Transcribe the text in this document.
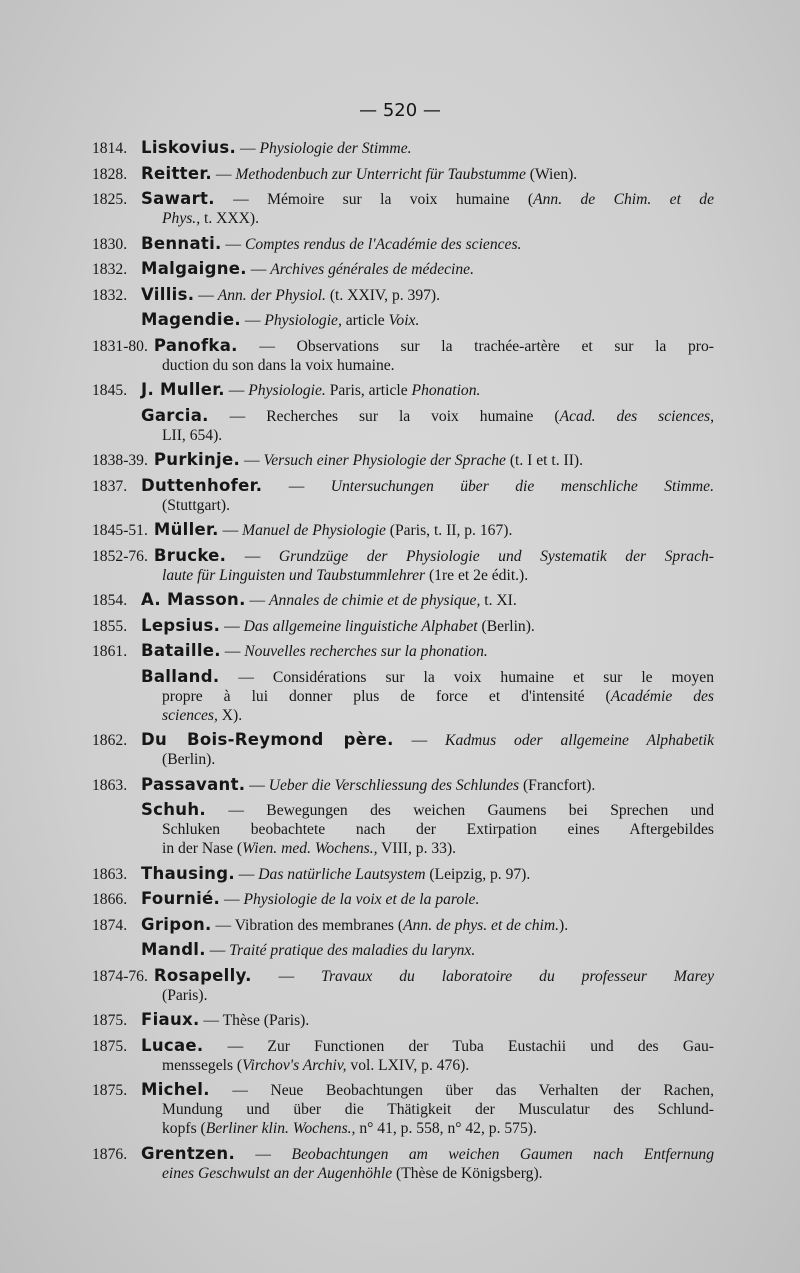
— 520 —
1814. Liskovius. — Physiologie der Stimme.
1828. Reitter. — Methodenbuch zur Unterricht für Taubstumme (Wien).
1825. Sawart. — Mémoire sur la voix humaine (Ann. de Chim. et de
Phys., t. XXX).
1830. Bennati. — Comptes rendus de l'Académie des sciences.
1832. Malgaigne. — Archives générales de médecine.
1832. Villis. — Ann. der Physiol. (t. XXIV, p. 397).
Magendie. — Physiologie, article Voix.
1831-80. Panofka. — Observations sur la trachée-artère et sur la pro-
duction du son dans la voix humaine.
1845. J. Muller. — Physiologie. Paris, article Phonation.
Garcia. — Recherches sur la voix humaine (Acad. des sciences,
LII, 654).
1838-39. Purkinje. — Versuch einer Physiologie der Sprache (t. I et t. II).
1837. Duttenhofer. — Untersuchungen über die menschliche Stimme.
(Stuttgart).
1845-51. Müller. — Manuel de Physiologie (Paris, t. II, p. 167).
1852-76. Brucke. — Grundzüge der Physiologie und Systematik der Sprach-
laute für Linguisten und Taubstummlehrer (1re et 2e édit.).
1854. A. Masson. — Annales de chimie et de physique, t. XI.
1855. Lepsius. — Das allgemeine linguistiche Alphabet (Berlin).
1861. Bataille. — Nouvelles recherches sur la phonation.
Balland. — Considérations sur la voix humaine et sur le moyen
propre à lui donner plus de force et d'intensité (Académie des
sciences, X).
1862. Du Bois-Reymond père. — Kadmus oder allgemeine Alphabetik
(Berlin).
1863. Passavant. — Ueber die Verschliessung des Schlundes (Francfort).
Schuh. — Bewegungen des weichen Gaumens bei Sprechen und
Schluken beobachtete nach der Extirpation eines Aftergebildes
in der Nase (Wien. med. Wochens., VIII, p. 33).
1863. Thausing. — Das natürliche Lautsystem (Leipzig, p. 97).
1866. Fournié. — Physiologie de la voix et de la parole.
1874. Gripon. — Vibration des membranes (Ann. de phys. et de chim.).
Mandl. — Traité pratique des maladies du larynx.
1874-76. Rosapelly. — Travaux du laboratoire du professeur Marey
(Paris).
1875. Fiaux. — Thèse (Paris).
1875. Lucae. — Zur Functionen der Tuba Eustachii und des Gau-
menssegels (Virchov's Archiv, vol. LXIV, p. 476).
1875. Michel. — Neue Beobachtungen über das Verhalten der Rachen,
Mundung und über die Thätigkeit der Musculatur des Schlund-
kopfs (Berliner klin. Wochens., n° 41, p. 558, n° 42, p. 575).
1876. Grentzen. — Beobachtungen am weichen Gaumen nach Entfernung
eines Geschwulst an der Augenhöhle (Thèse de Königsberg).
